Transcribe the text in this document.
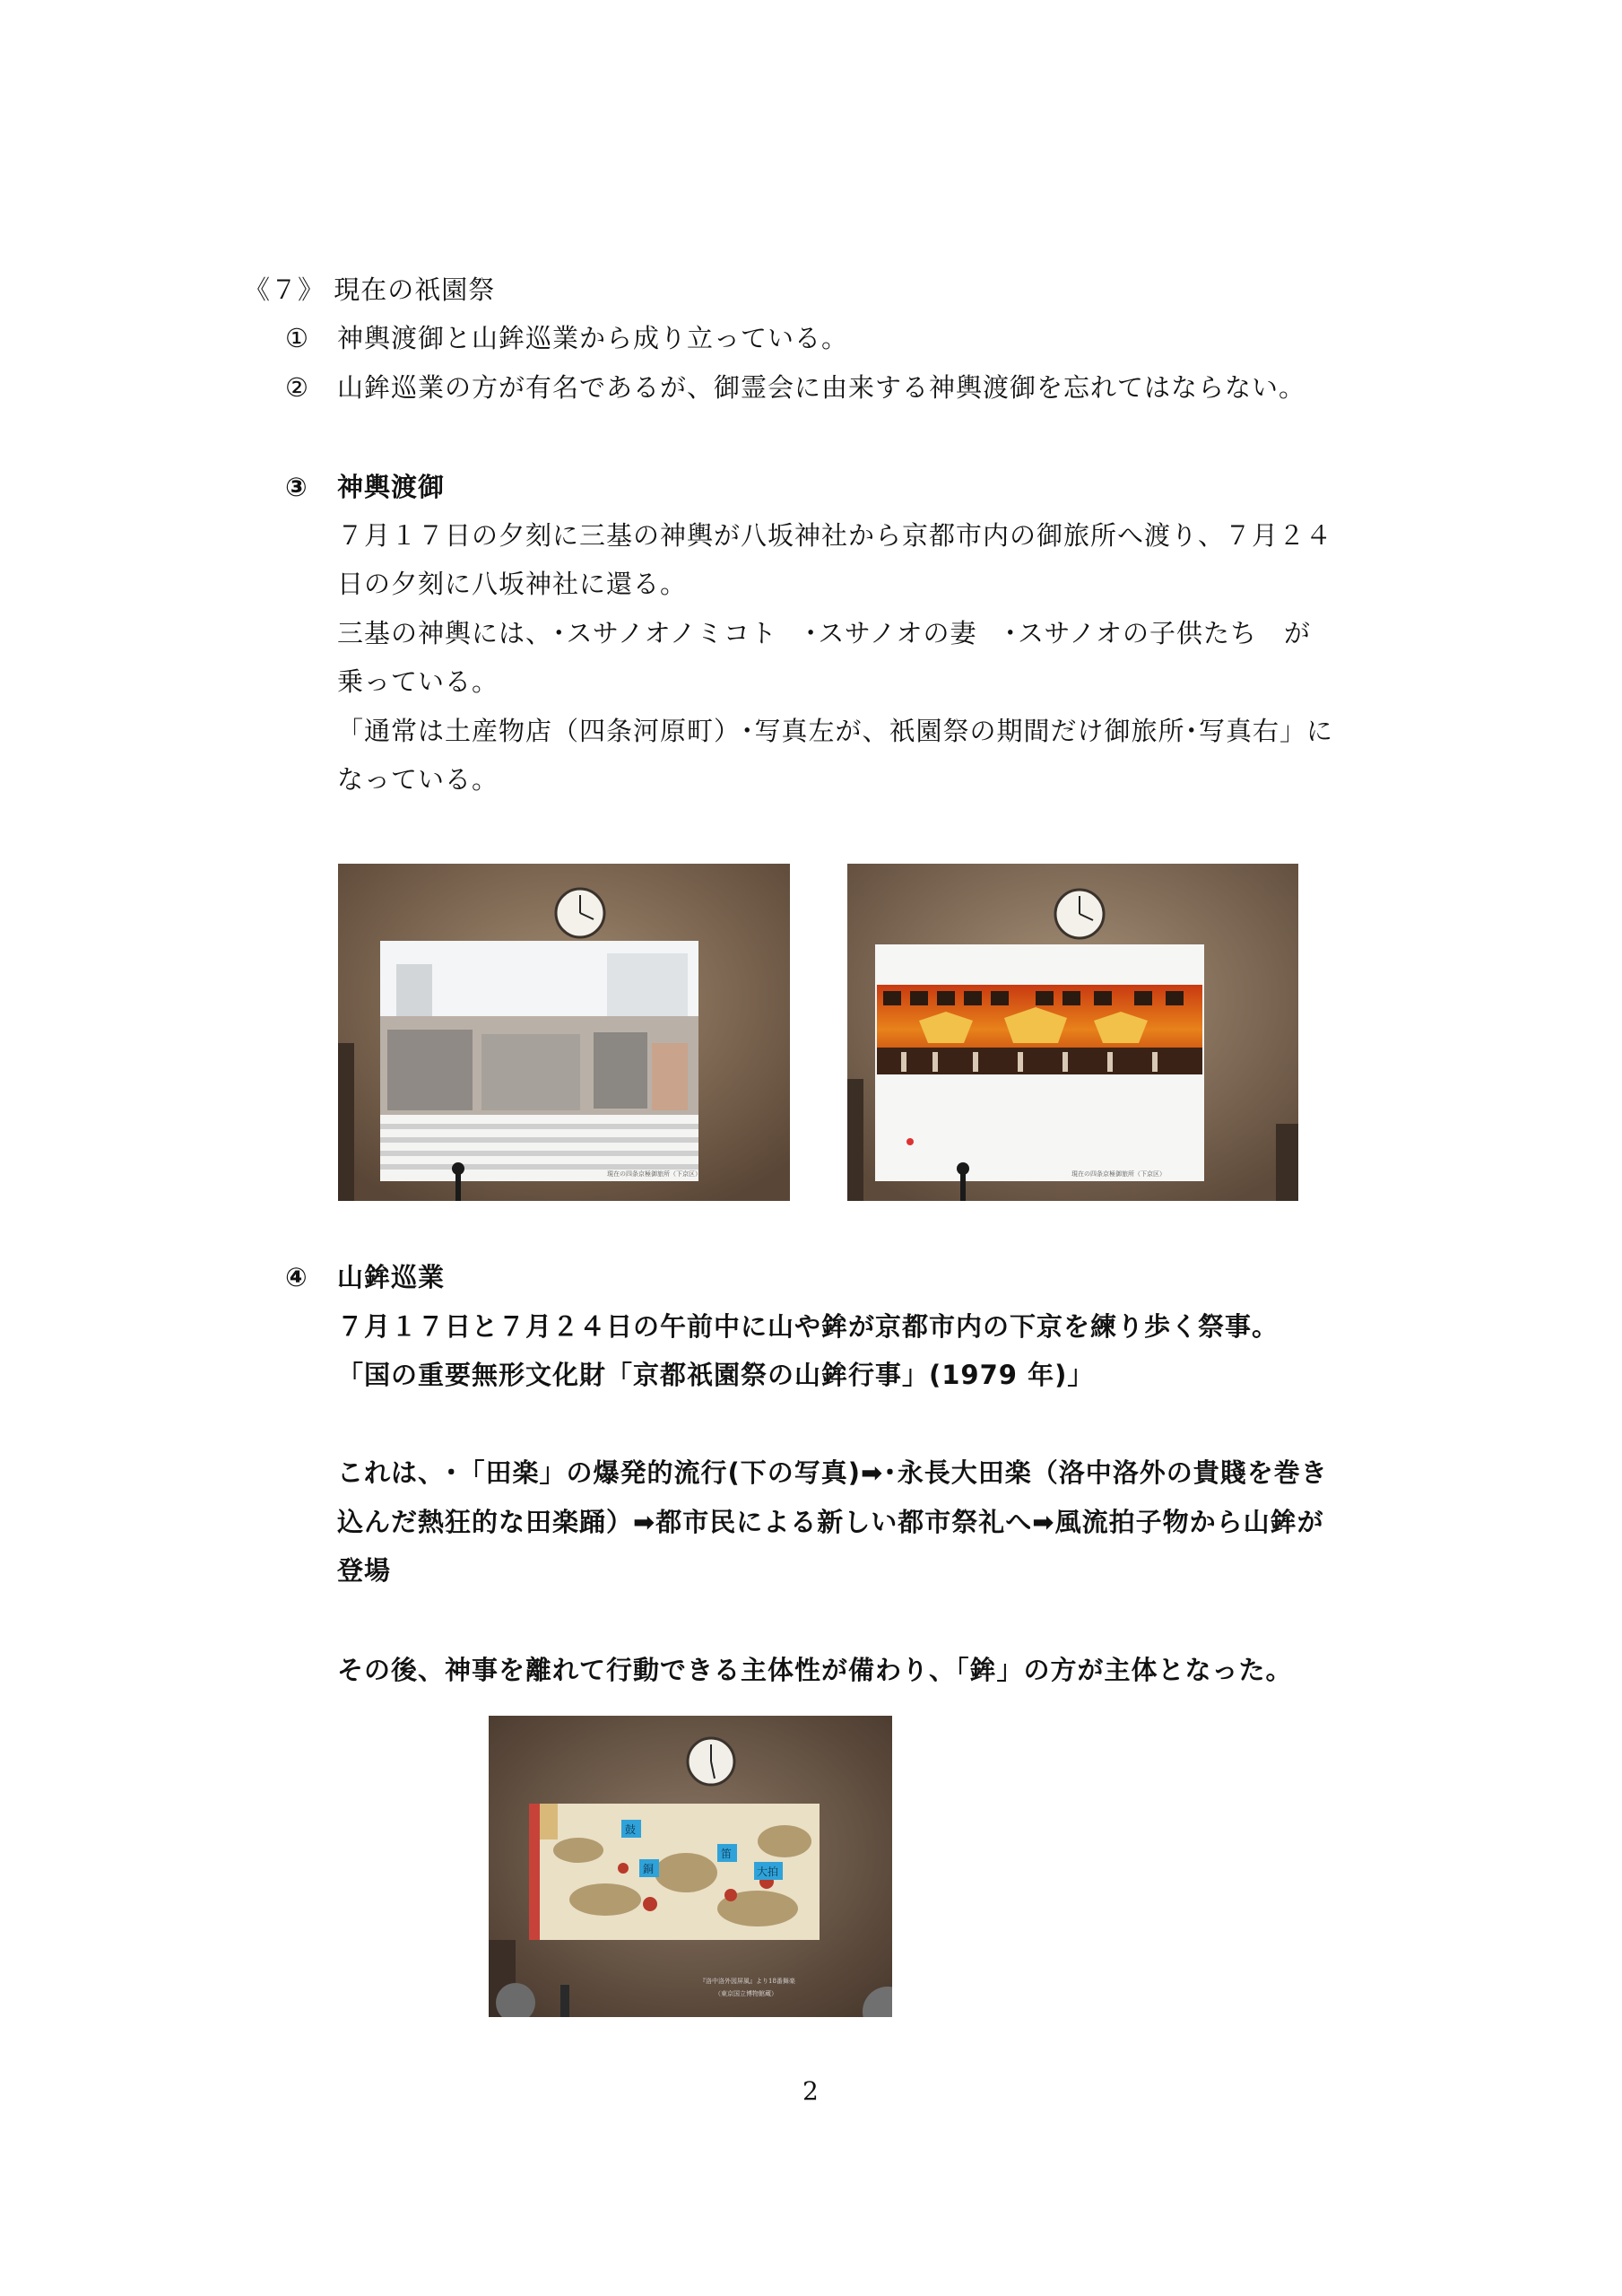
《７》 現在の祇園祭
① 神輿渡御と山鉾巡業から成り立っている。
② 山鉾巡業の方が有名であるが、御霊会に由来する神輿渡御を忘れてはならない。
③ 神輿渡御
７月１７日の夕刻に三基の神輿が八坂神社から京都市内の御旅所へ渡り、７月２４
日の夕刻に八坂神社に還る。
三基の神輿には、･スサノオノミコト　･スサノオの妻　･スサノオの子供たち　が
乗っている。
「通常は土産物店（四条河原町）･写真左が、祇園祭の期間だけ御旅所･写真右」に
なっている。
現在の四条京極御旅所（下京区）	現在の四条京極御旅所（下京区）
④ 山鉾巡業
７月１７日と７月２４日の午前中に山や鉾が京都市内の下京を練り歩く祭事。
「国の重要無形文化財「京都祇園祭の山鉾行事」(1979 年)」
これは、･「田楽」の爆発的流行(下の写真)➡･永長大田楽（洛中洛外の貴賤を巻き
込んだ熱狂的な田楽踊）➡都市民による新しい都市祭礼へ➡風流拍子物から山鉾が
登場
その後、神事を離れて行動できる主体性が備わり、「鉾」の方が主体となった。
鼓
笛
銅	大拍
『洛中洛外図屏風』より18番舞楽
（東京国立博物館蔵）
2
